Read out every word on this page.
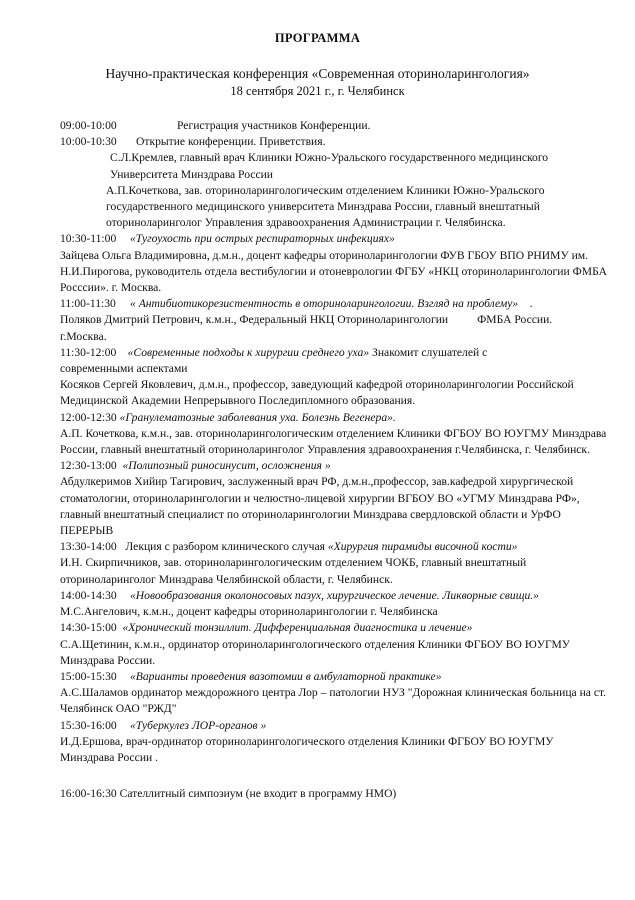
ПРОГРАММА
Научно-практическая конференция «Современная оториноларингология»
18 сентября 2021 г., г. Челябинск
09:00-10:00	Регистрация участников Конференции.
10:00-10:30 Открытие конференции. Приветствия.
С.Л.Кремлев, главный врач Клиники Южно-Уральского государственного медицинского Университета Минздрава России
А.П.Кочеткова, зав. оториноларингологическим отделением Клиники Южно-Уральского государственного медицинского университета Минздрава России, главный внештатный оториноларинголог Управления здравоохранения Администрации г. Челябинска.
10:30-11:00 «Тугоухость при острых респираторных инфекциях»
Зайцева Ольга Владимировна, д.м.н., доцент кафедры оториноларингологии ФУВ ГБОУ ВПО РНИМУ им. Н.И.Пирогова, руководитель отдела вестибулогии и отоневрологии ФГБУ «НКЦ оториноларингологии ФМБА Росссии». г. Москва.
11:00-11:30 « Антибиотикорезистентность в оториноларингологии. Взгляд на проблему» .
Поляков Дмитрий Петрович, к.м.н., Федеральный НКЦ Оториноларингологии ФМБА России.
г.Москва.
11:30-12:00 «Современные подходы к хирургии среднего уха» Знакомит слушателей с
современными аспектами
Косяков Сергей Яковлевич, д.м.н., профессор, заведующий кафедрой оториноларингологии Российской Медицинской Академии Непрерывного Последипломного образования.
12:00-12:30 «Гранулематозные заболевания уха. Болезнь Вегенера».
А.П. Кочеткова, к.м.н., зав. оториноларингологическим отделением Клиники ФГБОУ ВО ЮУГМУ Минздрава России, главный внештатный оториноларинголог Управления здравоохранения г.Челябинска, г. Челябинск.
12:30-13:00 «Полипозный риносинусит, осложнения »
Абдулкеримов Хийир Тагирович, заслуженный врач РФ, д.м.н.,профессор, зав.кафедрой хирургической стоматологии, оториноларингологии и челюстно-лицевой хирургии ВГБОУ ВО «УГМУ Минздрава РФ», главный внештатный специалист по оториноларингологии Минздрава свердловской области и УрФО
ПЕРЕРЫВ
13:30-14:00 Лекция с разбором клинического случая «Хирургия пирамиды височной кости»
И.Н. Скирпичников, зав. оториноларингологическим отделением ЧОКБ, главный внештатный оториноларинголог Минздрава Челябинской области, г. Челябинск.
14:00-14:30 «Новообразования околоносовых пазух, хирургическое лечение. Ликворные свищи.»
М.С.Ангелович, к.м.н., доцент кафедры оториноларингологии г. Челябинска
14:30-15:00 «Хронический тонзиллит. Дифференциальная диагностика и лечение»
С.А.Щетинин, к.м.н., ординатор оториноларингологического отделения Клиники ФГБОУ ВО ЮУГМУ Минздрава России.
15:00-15:30 «Варианты проведения вазотомии в амбулаторной практике»
А.С.Шаламов ординатор междорожного центра Лор – патологии НУЗ "Дорожная клиническая больница на ст. Челябинск ОАО "РЖД"
15:30-16:00 «Туберкулез ЛОР-органов »
И.Д.Ершова, врач-ординатор оториноларингологического отделения Клиники ФГБОУ ВО ЮУГМУ Минздрава России .
16:00-16:30 Сателлитный симпозиум (не входит в программу НМО)
